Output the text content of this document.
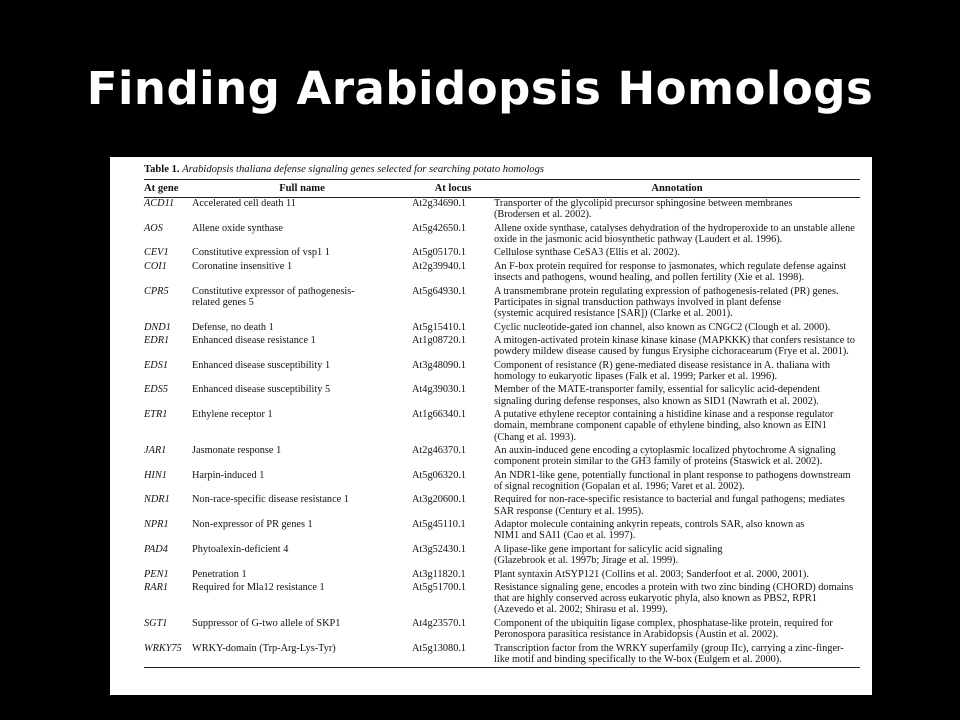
Finding Arabidopsis Homologs

Table 1. Arabidopsis thaliana defense signaling genes selected for searching potato homologs

At gene	Full name	At locus	Annotation
ACD11	Accelerated cell death 11	At2g34690.1	Transporter of the glycolipid precursor sphingosine between membranes
(Brodersen et al. 2002).
AOS	Allene oxide synthase	At5g42650.1	Allene oxide synthase, catalyses dehydration of the hydroperoxide to an unstable allene
oxide in the jasmonic acid biosynthetic pathway (Laudert et al. 1996).
CEV1	Constitutive expression of vsp1 1	At5g05170.1	Cellulose synthase CeSA3 (Ellis et al. 2002).
COI1	Coronatine insensitive 1	At2g39940.1	An F-box protein required for response to jasmonates, which regulate defense against
insects and pathogens, wound healing, and pollen fertility (Xie et al. 1998).
CPR5	Constitutive expressor of pathogenesis-
related genes 5	At5g64930.1	A transmembrane protein regulating expression of pathogenesis-related (PR) genes.
Participates in signal transduction pathways involved in plant defense
(systemic acquired resistance [SAR]) (Clarke et al. 2001).
DND1	Defense, no death 1	At5g15410.1	Cyclic nucleotide-gated ion channel, also known as CNGC2 (Clough et al. 2000).
EDR1	Enhanced disease resistance 1	At1g08720.1	A mitogen-activated protein kinase kinase kinase (MAPKKK) that confers resistance to
powdery mildew disease caused by fungus Erysiphe cichoracearum (Frye et al. 2001).
EDS1	Enhanced disease susceptibility 1	At3g48090.1	Component of resistance (R) gene-mediated disease resistance in A. thaliana with
homology to eukaryotic lipases (Falk et al. 1999; Parker et al. 1996).
EDS5	Enhanced disease susceptibility 5	At4g39030.1	Member of the MATE-transporter family, essential for salicylic acid-dependent
signaling during defense responses, also known as SID1 (Nawrath et al. 2002).
ETR1	Ethylene receptor 1	At1g66340.1	A putative ethylene receptor containing a histidine kinase and a response regulator
domain, membrane component capable of ethylene binding, also known as EIN1
(Chang et al. 1993).
JAR1	Jasmonate response 1	At2g46370.1	An auxin-induced gene encoding a cytoplasmic localized phytochrome A signaling
component protein similar to the GH3 family of proteins (Staswick et al. 2002).
HIN1	Harpin-induced 1	At5g06320.1	An NDR1-like gene, potentially functional in plant response to pathogens downstream
of signal recognition (Gopalan et al. 1996; Varet et al. 2002).
NDR1	Non-race-specific disease resistance 1	At3g20600.1	Required for non-race-specific resistance to bacterial and fungal pathogens; mediates
SAR response (Century et al. 1995).
NPR1	Non-expressor of PR genes 1	At5g45110.1	Adaptor molecule containing ankyrin repeats, controls SAR, also known as
NIM1 and SAI1 (Cao et al. 1997).
PAD4	Phytoalexin-deficient 4	At3g52430.1	A lipase-like gene important for salicylic acid signaling
(Glazebrook et al. 1997b; Jirage et al. 1999).
PEN1	Penetration 1	At3g11820.1	Plant syntaxin AtSYP121 (Collins et al. 2003; Sanderfoot et al. 2000, 2001).
RAR1	Required for Mla12 resistance 1	At5g51700.1	Resistance signaling gene, encodes a protein with two zinc binding (CHORD) domains
that are highly conserved across eukaryotic phyla, also known as PBS2, RPR1
(Azevedo et al. 2002; Shirasu et al. 1999).
SGT1	Suppressor of G-two allele of SKP1	At4g23570.1	Component of the ubiquitin ligase complex, phosphatase-like protein, required for
Peronospora parasitica resistance in Arabidopsis (Austin et al. 2002).
WRKY75	WRKY-domain (Trp-Arg-Lys-Tyr)	At5g13080.1	Transcription factor from the WRKY superfamily (group IIc), carrying a zinc-finger-
like motif and binding specifically to the W-box (Eulgem et al. 2000).
